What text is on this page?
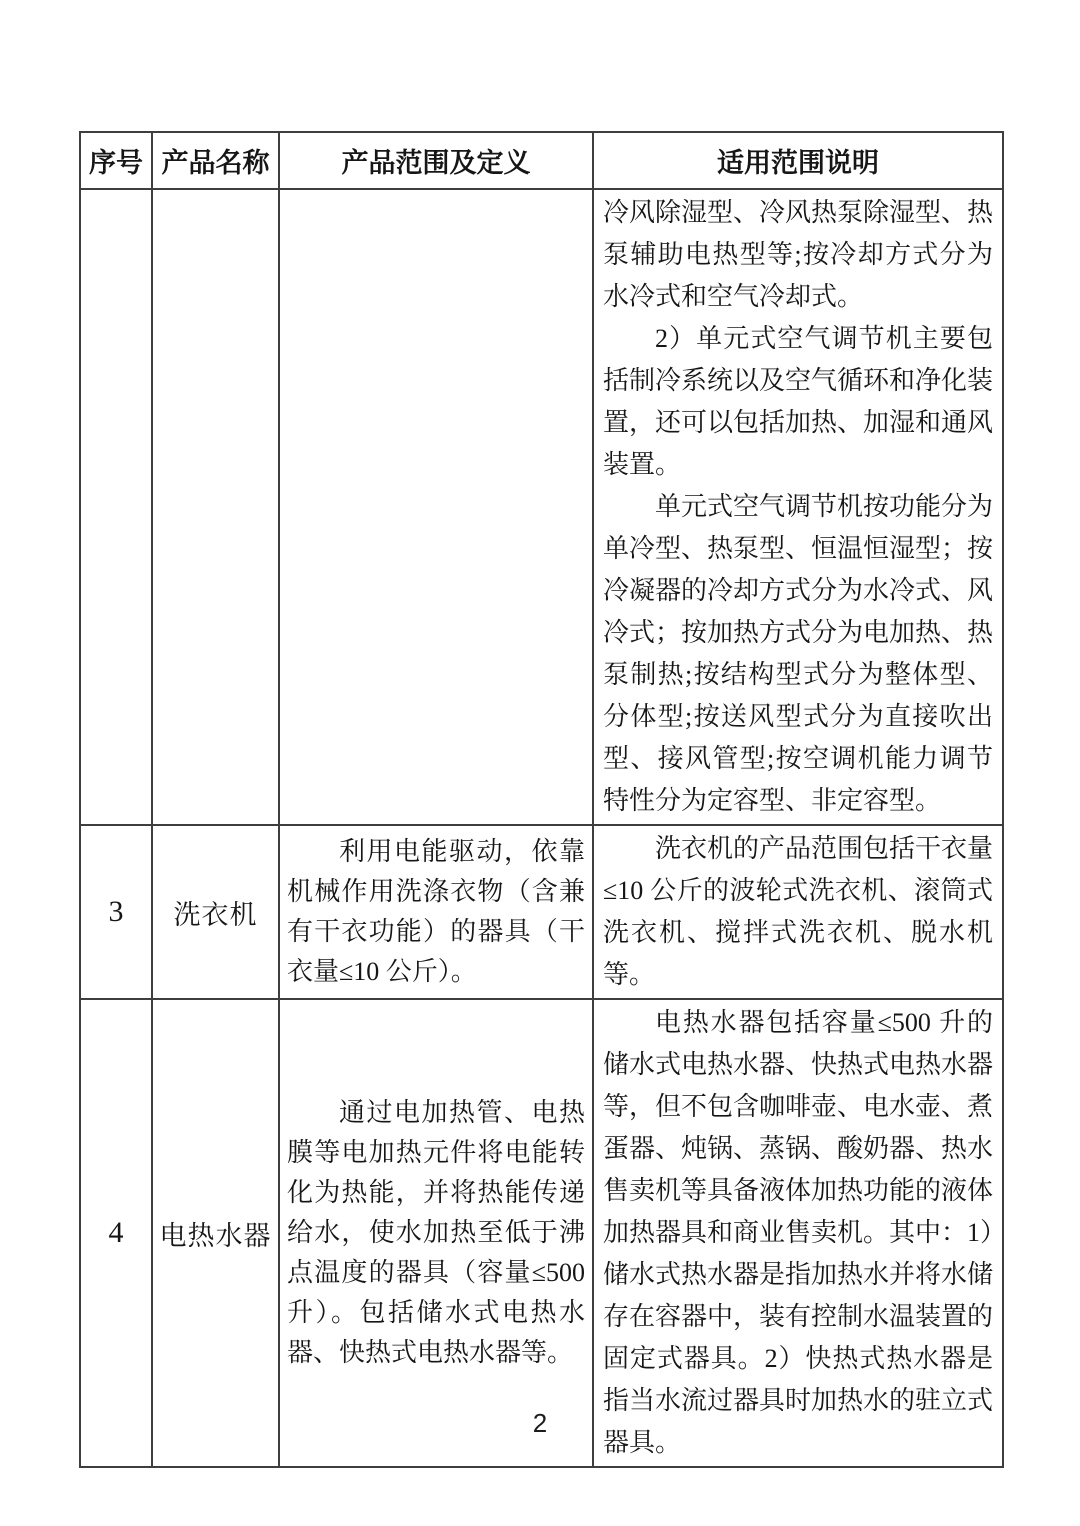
序号	产品名称	产品范围及定义	适用范围说明

			冷风除湿型、冷风热泵除湿型、热泵辅助电热型等;按冷却方式分为水冷式和空气冷却式。

2）单元式空气调节机主要包括制冷系统以及空气循环和净化装置，还可以包括加热、加湿和通风装置。

单元式空气调节机按功能分为单冷型、热泵型、恒温恒湿型；按冷凝器的冷却方式分为水冷式、风冷式；按加热方式分为电加热、热泵制热;按结构型式分为整体型、分体型;按送风型式分为直接吹出型、接风管型;按空调机能力调节特性分为定容型、非定容型。

3	洗衣机	利用电能驱动，依靠机械作用洗涤衣物（含兼有干衣功能）的器具（干衣量≤10 公斤）。	洗衣机的产品范围包括干衣量≤10 公斤的波轮式洗衣机、滚筒式洗衣机、搅拌式洗衣机、脱水机等。

4	电热水器	通过电加热管、电热膜等电加热元件将电能转化为热能，并将热能传递给水，使水加热至低于沸点温度的器具（容量≤500 升）。包括储水式电热水器、快热式电热水器等。	电热水器包括容量≤500 升的储水式电热水器、快热式电热水器等，但不包含咖啡壶、电水壶、煮蛋器、炖锅、蒸锅、酸奶器、热水售卖机等具备液体加热功能的液体加热器具和商业售卖机。其中：1）储水式热水器是指加热水并将水储存在容器中，装有控制水温装置的固定式器具。2）快热式热水器是指当水流过器具时加热水的驻立式器具。

2
